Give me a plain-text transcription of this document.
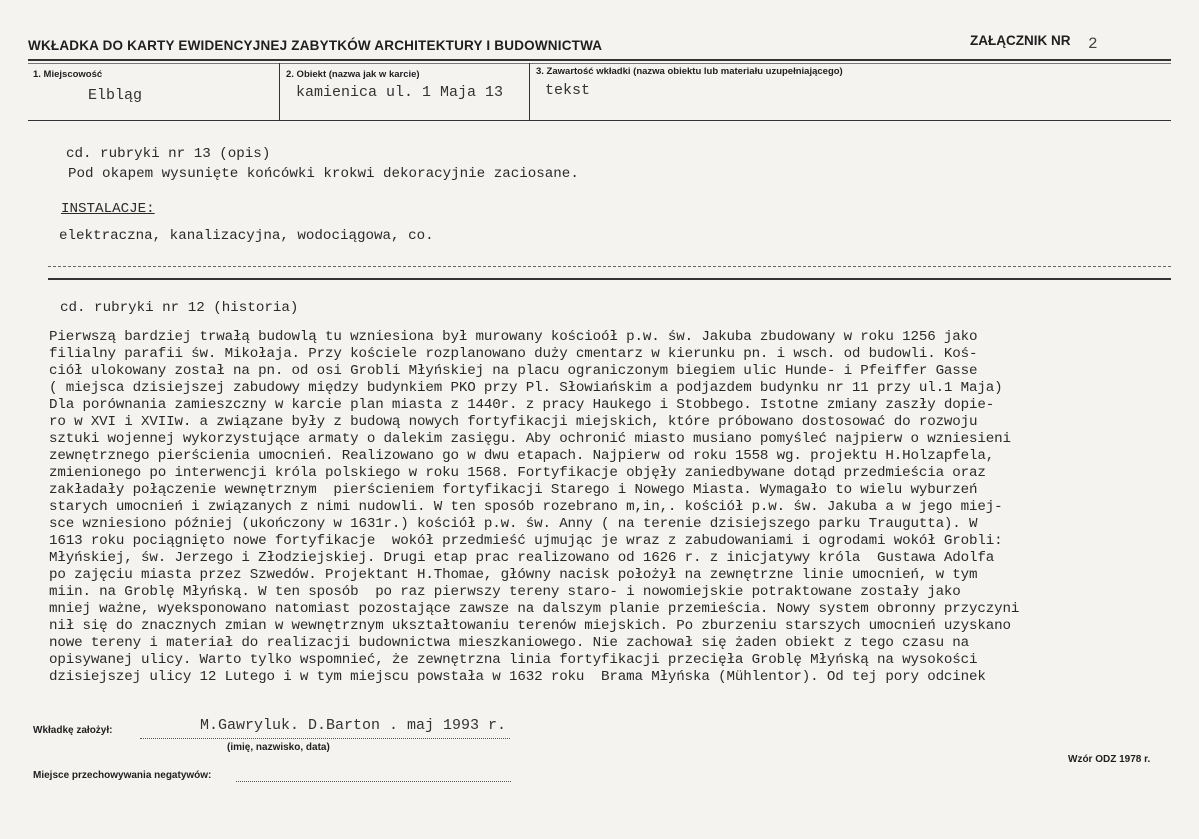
WKŁADKA DO KARTY EWIDENCYJNEJ ZABYTKÓW ARCHITEKTURY I BUDOWNICTWA	ZAŁĄCZNIK NR 2
1. Miejscowość
Elbląg
2. Obiekt (nazwa jak w karcie)
kamienica ul. 1 Maja 13
3. Zawartość wkładki (nazwa obiektu lub materiału uzupełniającego)
tekst
cd. rubryki nr 13 (opis)
Pod okapem wysunięte końcówki krokwi dekoracyjnie zaciosane.
INSTALACJE:
elektraczna, kanalizacyjna, wodociągowa, co.
cd. rubryki nr 12 (historia)
Pierwszą bardziej trwałą budowlą tu wzniesiona był murowany kościoół p.w. św. Jakuba zbudowany w roku 1256 jako
filialny parafii św. Mikołaja. Przy kościele rozplanowano duży cmentarz w kierunku pn. i wsch. od budowli. Koś-
ciół ulokowany został na pn. od osi Grobli Młyńskiej na placu ograniczonym biegiem ulic Hunde- i Pfeiffer Gasse
( miejsca dzisiejszej zabudowy między budynkiem PKO przy Pl. Słowiańskim a podjazdem budynku nr 11 przy ul.1 Maja)
Dla porównania zamieszczny w karcie plan miasta z 1440r. z pracy Haukego i Stobbego. Istotne zmiany zaszły dopie-
ro w XVI i XVIIw. a związane były z budową nowych fortyfikacji miejskich, które próbowano dostosować do rozwoju
sztuki wojennej wykorzystujące armaty o dalekim zasięgu. Aby ochronić miasto musiano pomyśleć najpierw o wzniesieni
zewnętrznego pierścienia umocnień. Realizowano go w dwu etapach. Najpierw od roku 1558 wg. projektu H.Holzapfela,
zmienionego po interwencji króla polskiego w roku 1568. Fortyfikacje objęły zaniedbywane dotąd przedmieścia oraz
zakładały połączenie wewnętrznym  pierścieniem fortyfikacji Starego i Nowego Miasta. Wymagało to wielu wyburzeń
starych umocnień i związanych z nimi nudowli. W ten sposób rozebrano m,in,. kościół p.w. św. Jakuba a w jego miej-
sce wzniesiono później (ukończony w 1631r.) kościół p.w. św. Anny ( na terenie dzisiejszego parku Traugutta). W
1613 roku pociągnięto nowe fortyfikacje  wokół przedmieść ujmując je wraz z zabudowaniami i ogrodami wokół Grobli:
Młyńskiej, św. Jerzego i Złodziejskiej. Drugi etap prac realizowano od 1626 r. z inicjatywy króla  Gustawa Adolfa
po zajęciu miasta przez Szwedów. Projektant H.Thomae, główny nacisk położył na zewnętrzne linie umocnień, w tym
miin. na Groblę Młyńską. W ten sposób  po raz pierwszy tereny staro- i nowomiejskie potraktowane zostały jako
mniej ważne, wyeksponowano natomiast pozostające zawsze na dalszym planie przemieścia. Nowy system obronny przyczyni
nił się do znacznych zmian w wewnętrznym ukształtowaniu terenów miejskich. Po zburzeniu starszych umocnień uzyskano
nowe tereny i materiał do realizacji budownictwa mieszkaniowego. Nie zachował się żaden obiekt z tego czasu na
opisywanej ulicy. Warto tylko wspomnieć, że zewnętrzna linia fortyfikacji przecięła Groblę Młyńską na wysokości
dzisiejszej ulicy 12 Lutego i w tym miejscu powstała w 1632 roku  Brama Młyńska (Mühlentor). Od tej pory odcinek
Wkładkę założył:	M.Gawryluk. D.Barton . maj 1993 r.
(imię, nazwisko, data)
Miejsce przechowywania negatywów:
Wzór ODZ 1978 r.
